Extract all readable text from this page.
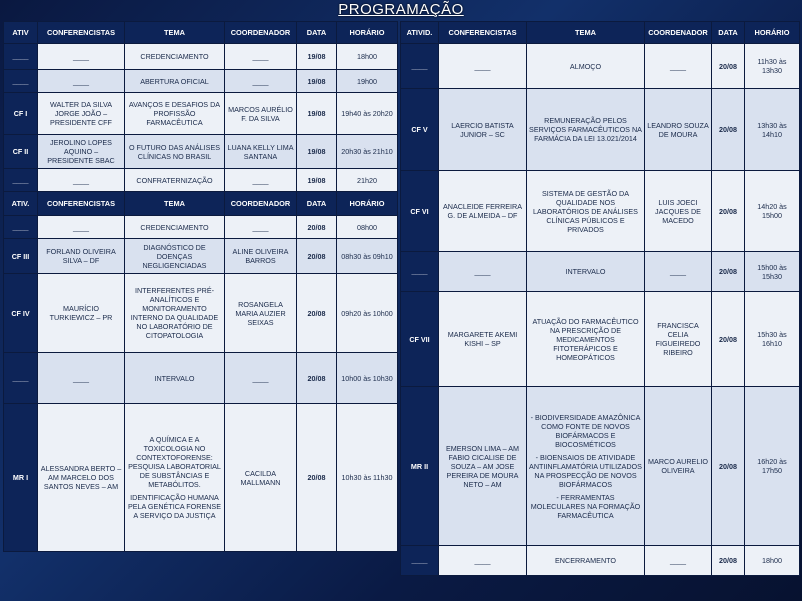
PROGRAMAÇÃO
ATIV	CONFERENCISTAS	TEMA	COORDENADOR	DATA	HORÁRIO
____	____	CREDENCIAMENTO	____	19/08	18h00
____	____	ABERTURA OFICIAL	____	19/08	19h00
CF I	WALTER DA SILVA JORGE JOÃO – PRESIDENTE CFF	AVANÇOS E DESAFIOS DA PROFISSÃO FARMACÊUTICA	MARCOS AURÉLIO F. DA SILVA	19/08	19h40 às 20h20
CF II	JEROLINO LOPES AQUINO – PRESIDENTE SBAC	O FUTURO DAS ANÁLISES CLÍNICAS NO BRASIL	LUANA KELLY LIMA SANTANA	19/08	20h30 às 21h10
____	____	CONFRATERNIZAÇÃO	____	19/08	21h20
ATIV.	CONFERENCISTAS	TEMA	COORDENADOR	DATA	HORÁRIO
____	____	CREDENCIAMENTO	____	20/08	08h00
CF III	FORLAND OLIVEIRA SILVA – DF	DIAGNÓSTICO DE DOENÇAS NEGLIGENCIADAS	ALINE OLIVEIRA BARROS	20/08	08h30 às 09h10
CF IV	MAURÍCIO TURKIEWICZ – PR	INTERFERENTES PRÉ-ANALÍTICOS E MONITORAMENTO INTERNO DA QUALIDADE NO LABORATÓRIO DE CITOPATOLOGIA	ROSANGELA MARIA AUZIER SEIXAS	20/08	09h20 às 10h00
____	____	INTERVALO	____	20/08	10h00 às 10h30
MR I	ALESSANDRA BERTO – AM MARCELO DOS SANTOS NEVES – AM	A QUÍMICA E A TOXICOLOGIA NO CONTEXTOFORENSE: PESQUISA LABORATORIAL DE SUBSTÂNCIAS E METABÓLITOS.
IDENTIFICAÇÃO HUMANA PELA GENÉTICA FORENSE A SERVIÇO DA JUSTIÇA	CACILDA MALLMANN	20/08	10h30 às 11h30
ATIVID.	CONFERENCISTAS	TEMA	COORDENADOR	DATA	HORÁRIO
____	____	ALMOÇO	____	20/08	11h30 às 13h30
CF V	LAERCIO BATISTA JUNIOR – SC	REMUNERAÇÃO PELOS SERVIÇOS FARMACÊUTICOS NA FARMÁCIA DA LEI 13.021/2014	LEANDRO SOUZA DE MOURA	20/08	13h30 às 14h10
CF VI	ANACLEIDE FERREIRA G. DE ALMEIDA – DF	SISTEMA DE GESTÃO DA QUALIDADE NOS LABORATÓRIOS DE ANÁLISES CLÍNICAS PÚBLICOS E PRIVADOS	LUIS JOECI JACQUES DE MACEDO	20/08	14h20 às 15h00
____	____	INTERVALO	____	20/08	15h00 às 15h30
CF VII	MARGARETE AKEMI KISHI – SP	ATUAÇÃO DO FARMACÊUTICO NA PRESCRIÇÃO DE MEDICAMENTOS FITOTERÁPICOS E HOMEOPÁTICOS	FRANCISCA CELIA FIGUEIREDO RIBEIRO	20/08	15h30 às 16h10
MR II	EMERSON LIMA – AM FABIO CICALISE DE SOUZA – AM JOSE PEREIRA DE MOURA NETO – AM	- BIODIVERSIDADE AMAZÔNICA COMO FONTE DE NOVOS BIOFÁRMACOS E BIOCOSMÉTICOS
- BIOENSAIOS DE ATIVIDADE ANTIINFLAMATÓRIA UTILIZADOS NA PROSPECÇÃO DE NOVOS BIOFÁRMACOS
- FERRAMENTAS MOLECULARES NA FORMAÇÃO FARMACÊUTICA	MARCO AURELIO OLIVEIRA	20/08	16h20 às 17h50
____	____	ENCERRAMENTO	____	20/08	18h00
